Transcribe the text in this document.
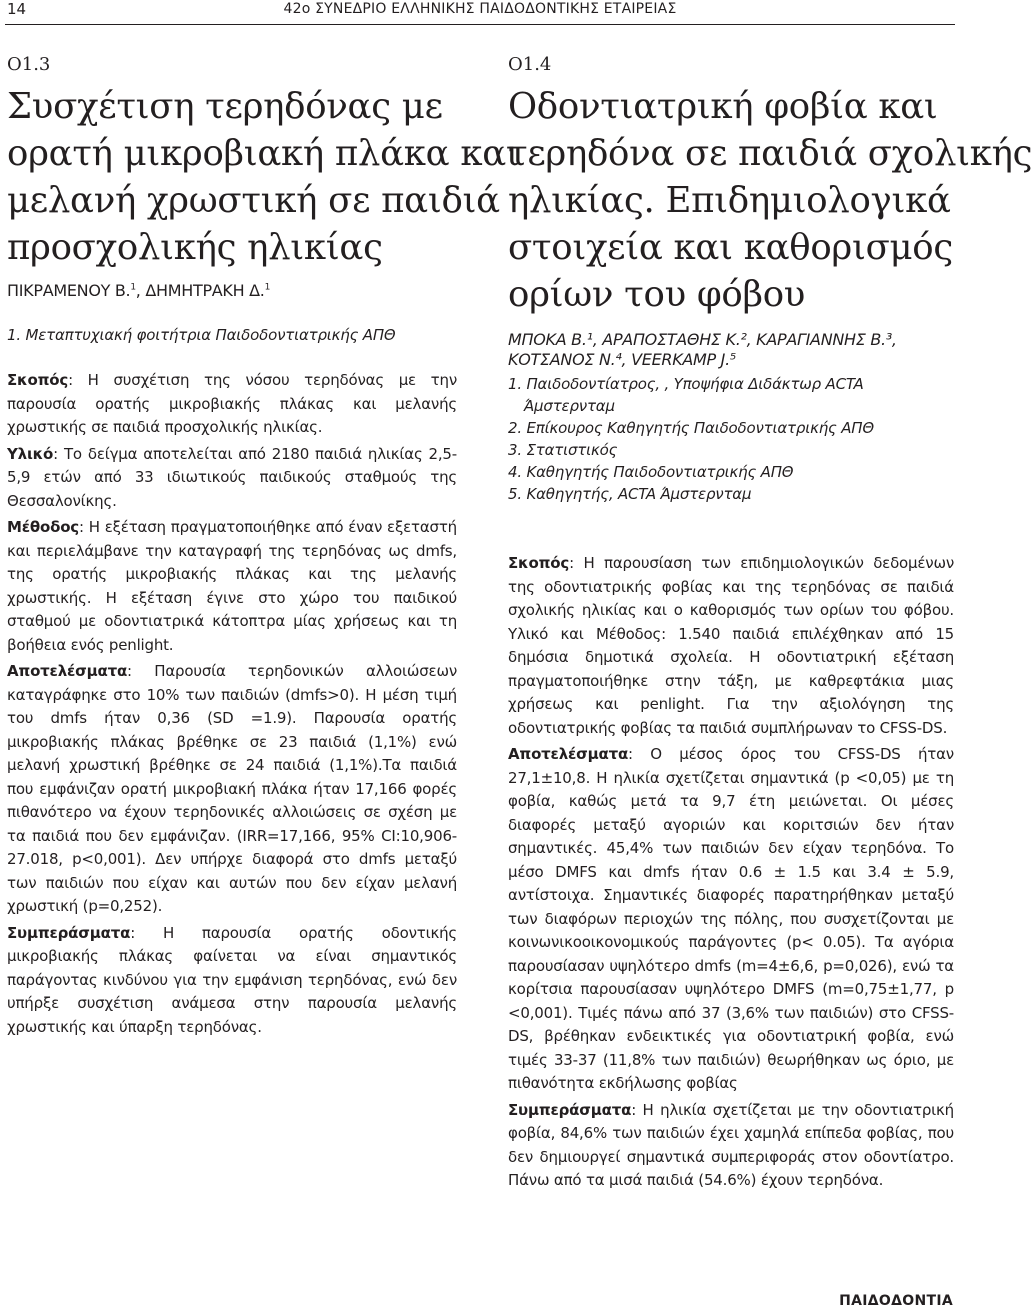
14	42ο ΣΥΝΕΔΡΙΟ ΕΛΛΗΝΙΚΗΣ ΠΑΙΔΟΔΟΝΤΙΚΗΣ ΕΤΑΙΡΕΙΑΣ
Ο1.3
Συσχέτιση τερηδόνας με
ορατή μικροβιακή πλάκα και
μελανή χρωστική σε παιδιά
προσχολικής ηλικίας
ΠΙΚΡΑΜΕΝΟΥ Β.$^1$, ΔΗΜΗΤΡΑΚΗ Δ.$^1$
1. Μεταπτυχιακή φοιτήτρια Παιδοδοντιατρικής ΑΠΘ

Σκοπός: Η συσχέτιση της νόσου τερηδόνας με την παρουσία ορατής μικροβιακής πλάκας και μελανής χρωστικής σε παιδιά προσχολικής ηλικίας.

Υλικό: Το δείγμα αποτελείται από 2180 παιδιά ηλικίας 2,5-5,9 ετών από 33 ιδιωτικούς παιδικούς σταθμούς της Θεσσαλονίκης.

Μέθοδος: Η εξέταση πραγματοποιήθηκε από έναν εξεταστή και περιελάμβανε την καταγραφή της τερηδόνας ως dmfs, της ορατής μικροβιακής πλάκας και της μελανής χρωστικής. Η εξέταση έγινε στο χώρο του παιδικού σταθμού με οδοντιατρικά κάτοπτρα μίας χρήσεως και τη βοήθεια ενός penlight.

Αποτελέσματα: Παρουσία τερηδονικών αλλοιώσεων καταγράφηκε στο 10% των παιδιών (dmfs>0). Η μέση τιμή του dmfs ήταν 0,36 (SD =1.9). Παρουσία ορατής μικροβιακής πλάκας βρέθηκε σε 23 παιδιά (1,1%) ενώ μελανή χρωστική βρέθηκε σε 24 παιδιά (1,1%).Τα παιδιά που εμφάνιζαν ορατή μικροβιακή πλάκα ήταν 17,166 φορές πιθανότερο να έχουν τερηδονικές αλλοιώσεις σε σχέση με τα παιδιά που δεν εμφάνιζαν. (IRR=17,166, 95% CI:10,906-27.018, p<0,001). Δεν υπήρχε διαφορά στο dmfs μεταξύ των παιδιών που είχαν και αυτών που δεν είχαν μελανή χρωστική (p=0,252).

Συμπεράσματα: Η παρουσία ορατής οδοντικής μικροβιακής πλάκας φαίνεται να είναι σημαντικός παράγοντας κινδύνου για την εμφάνιση τερηδόνας, ενώ δεν υπήρξε συσχέτιση ανάμεσα στην παρουσία μελανής χρωστικής και ύπαρξη τερηδόνας.

Ο1.4
Οδοντιατρική φοβία και
τερηδόνα σε παιδιά σχολικής
ηλικίας. Επιδημιολογικά
στοιχεία και καθορισμός
ορίων του φόβου
ΜΠΟΚΑ Β.¹, ΑΡΑΠΟΣΤΑΘΗΣ Κ.², ΚΑΡΑΓΙΑΝΝΗΣ Β.³,
ΚΟΤΣΑΝΟΣ Ν.⁴, VEERKAMP J.⁵
1. Παιδοδοντίατρος, , Υποψήφια Διδάκτωρ ACTA
Άμστερνταμ
2. Επίκουρος Καθηγητής Παιδοδοντιατρικής ΑΠΘ
3. Στατιστικός
4. Καθηγητής Παιδοδοντιατρικής ΑΠΘ
5. Καθηγητής, ACTA Άμστερνταμ

Σκοπός: Η παρουσίαση των επιδημιολογικών δεδομένων της οδοντιατρικής φοβίας και της τερηδόνας σε παιδιά σχολικής ηλικίας και ο καθορισμός των ορίων του φόβου. Υλικό και Μέθοδος: 1.540 παιδιά επιλέχθηκαν από 15 δημόσια δημοτικά σχολεία. Η οδοντιατρική εξέταση πραγματοποιήθηκε στην τάξη, με καθρεφτάκια μιας χρήσεως και penlight. Για την αξιολόγηση της οδοντιατρικής φοβίας τα παιδιά συμπλήρωναν το CFSS-DS.

Αποτελέσματα: Ο μέσος όρος του CFSS-DS ήταν 27,1±10,8. Η ηλικία σχετίζεται σημαντικά (p <0,05) με τη φοβία, καθώς μετά τα 9,7 έτη μειώνεται. Οι μέσες διαφορές μεταξύ αγοριών και κοριτσιών δεν ήταν σημαντικές. 45,4% των παιδιών δεν είχαν τερηδόνα. Το μέσο DMFS και dmfs ήταν 0.6 ± 1.5 και 3.4 ± 5.9, αντίστοιχα. Σημαντικές διαφορές παρατηρήθηκαν μεταξύ των διαφόρων περιοχών της πόλης, που συσχετίζονται με κοινωνικοοικονομικούς παράγοντες (p< 0.05). Τα αγόρια παρουσίασαν υψηλότερο dmfs (m=4±6,6, p=0,026), ενώ τα κορίτσια παρουσίασαν υψηλότερο DMFS (m=0,75±1,77, p <0,001). Τιμές πάνω από 37 (3,6% των παιδιών) στο CFSS-DS, βρέθηκαν ενδεικτικές για οδοντιατρική φοβία, ενώ τιμές 33-37 (11,8% των παιδιών) θεωρήθηκαν ως όριο, με πιθανότητα εκδήλωσης φοβίας

Συμπεράσματα: Η ηλικία σχετίζεται με την οδοντιατρική φοβία, 84,6% των παιδιών έχει χαμηλά επίπεδα φοβίας, που δεν δημιουργεί σημαντικά συμπεριφοράς στον οδοντίατρο. Πάνω από τα μισά παιδιά (54.6%) έχουν τερηδόνα.

ΠΑΙΔΟΔΟΝΤΙΑ
